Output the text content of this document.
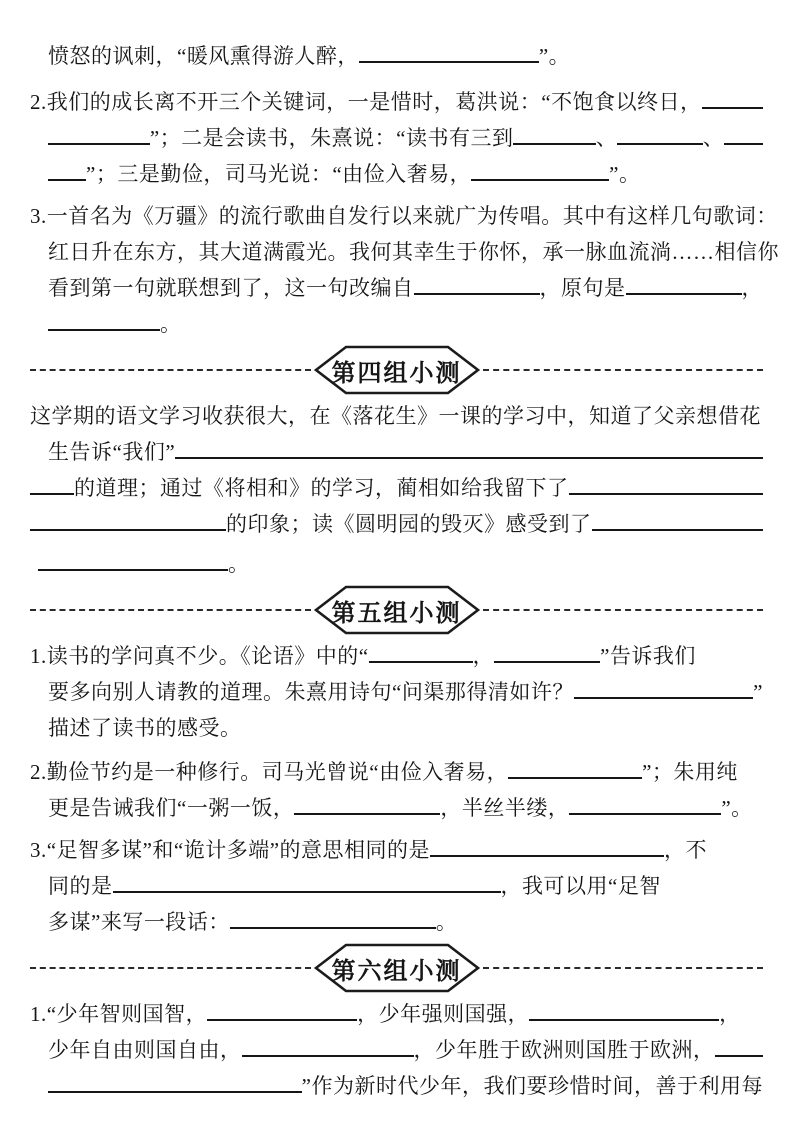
愤怒的讽刺，“暖风熏得游人醉，	”。
2.我们的成长离不开三个关键词，一是惜时，葛洪说：“不饱食以终日，
”；二是会读书，朱熹说：“读书有三到	、	、
”；三是勤俭，司马光说：“由俭入奢易，	”。
3.一首名为《万疆》的流行歌曲自发行以来就广为传唱。其中有这样几句歌词：
红日升在东方，其大道满霞光。我何其幸生于你怀，承一脉血流淌……相信你
看到第一句就联想到了，这一句改编自	，原句是	，
。
第四组小测
这学期的语文学习收获很大，在《落花生》一课的学习中，知道了父亲想借花
生告诉“我们”
的道理；通过《将相和》的学习，蔺相如给我留下了
的印象；读《圆明园的毁灭》感受到了
。
第五组小测
1.读书的学问真不少。《论语》中的“	，	”告诉我们
要多向别人请教的道理。朱熹用诗句“问渠那得清如许？	”
描述了读书的感受。
2.勤俭节约是一种修行。司马光曾说“由俭入奢易，	”；朱用纯
更是告诫我们“一粥一饭，	，半丝半缕，	”。
3.“足智多谋”和“诡计多端”的意思相同的是	，不
同的是	，我可以用“足智
多谋”来写一段话：	。
第六组小测
1.“少年智则国智，	，少年强则国强，	，
少年自由则国自由，	，少年胜于欧洲则国胜于欧洲，
”作为新时代少年，我们要珍惜时间，善于利用每
